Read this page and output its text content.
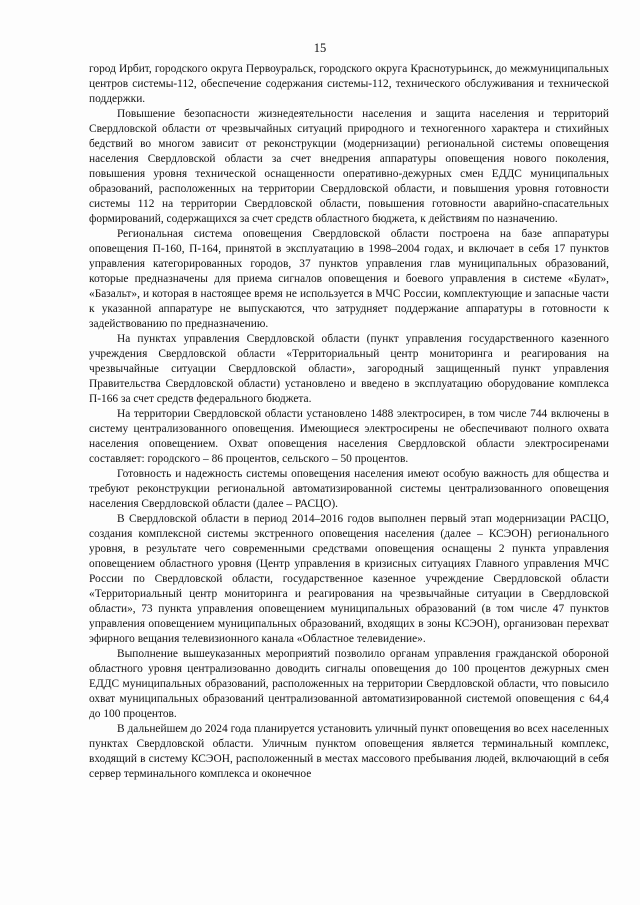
15

город Ирбит, городского округа Первоуральск, городского округа Краснотурьинск, до межмуниципальных центров системы-112, обеспечение содержания системы-112, технического обслуживания и технической поддержки.

Повышение безопасности жизнедеятельности населения и защита населения и территорий Свердловской области от чрезвычайных ситуаций природного и техногенного характера и стихийных бедствий во многом зависит от реконструкции (модернизации) региональной системы оповещения населения Свердловской области за счет внедрения аппаратуры оповещения нового поколения, повышения уровня технической оснащенности оперативно-дежурных смен ЕДДС муниципальных образований, расположенных на территории Свердловской области, и повышения уровня готовности системы 112 на территории Свердловской области, повышения готовности аварийно-спасательных формирований, содержащихся за счет средств областного бюджета, к действиям по назначению.

Региональная система оповещения Свердловской области построена на базе аппаратуры оповещения П-160, П-164, принятой в эксплуатацию в 1998–2004 годах, и включает в себя 17 пунктов управления категорированных городов, 37 пунктов управления глав муниципальных образований, которые предназначены для приема сигналов оповещения и боевого управления в системе «Булат», «Базальт», и которая в настоящее время не используется в МЧС России, комплектующие и запасные части к указанной аппаратуре не выпускаются, что затрудняет поддержание аппаратуры в готовности к задействованию по предназначению.

На пунктах управления Свердловской области (пункт управления государственного казенного учреждения Свердловской области «Территориальный центр мониторинга и реагирования на чрезвычайные ситуации Свердловской области», загородный защищенный пункт управления Правительства Свердловской области) установлено и введено в эксплуатацию оборудование комплекса П-166 за счет средств федерального бюджета.

На территории Свердловской области установлено 1488 электросирен, в том числе 744 включены в систему централизованного оповещения. Имеющиеся электросирены не обеспечивают полного охвата населения оповещением. Охват оповещения населения Свердловской области электросиренами составляет: городского – 86 процентов, сельского – 50 процентов.

Готовность и надежность системы оповещения населения имеют особую важность для общества и требуют реконструкции региональной автоматизированной системы централизованного оповещения населения Свердловской области (далее – РАСЦО).

В Свердловской области в период 2014–2016 годов выполнен первый этап модернизации РАСЦО, создания комплексной системы экстренного оповещения населения (далее – КСЭОН) регионального уровня, в результате чего современными средствами оповещения оснащены 2 пункта управления оповещением областного уровня (Центр управления в кризисных ситуациях Главного управления МЧС России по Свердловской области, государственное казенное учреждение Свердловской области «Территориальный центр мониторинга и реагирования на чрезвычайные ситуации в Свердловской области», 73 пункта управления оповещением муниципальных образований (в том числе 47 пунктов управления оповещением муниципальных образований, входящих в зоны КСЭОН), организован перехват эфирного вещания телевизионного канала «Областное телевидение».

Выполнение вышеуказанных мероприятий позволило органам управления гражданской обороной областного уровня централизованно доводить сигналы оповещения до 100 процентов дежурных смен ЕДДС муниципальных образований, расположенных на территории Свердловской области, что повысило охват муниципальных образований централизованной автоматизированной системой оповещения с 64,4 до 100 процентов.

В дальнейшем до 2024 года планируется установить уличный пункт оповещения во всех населенных пунктах Свердловской области. Уличным пунктом оповещения является терминальный комплекс, входящий в систему КСЭОН, расположенный в местах массового пребывания людей, включающий в себя сервер терминального комплекса и оконечное
